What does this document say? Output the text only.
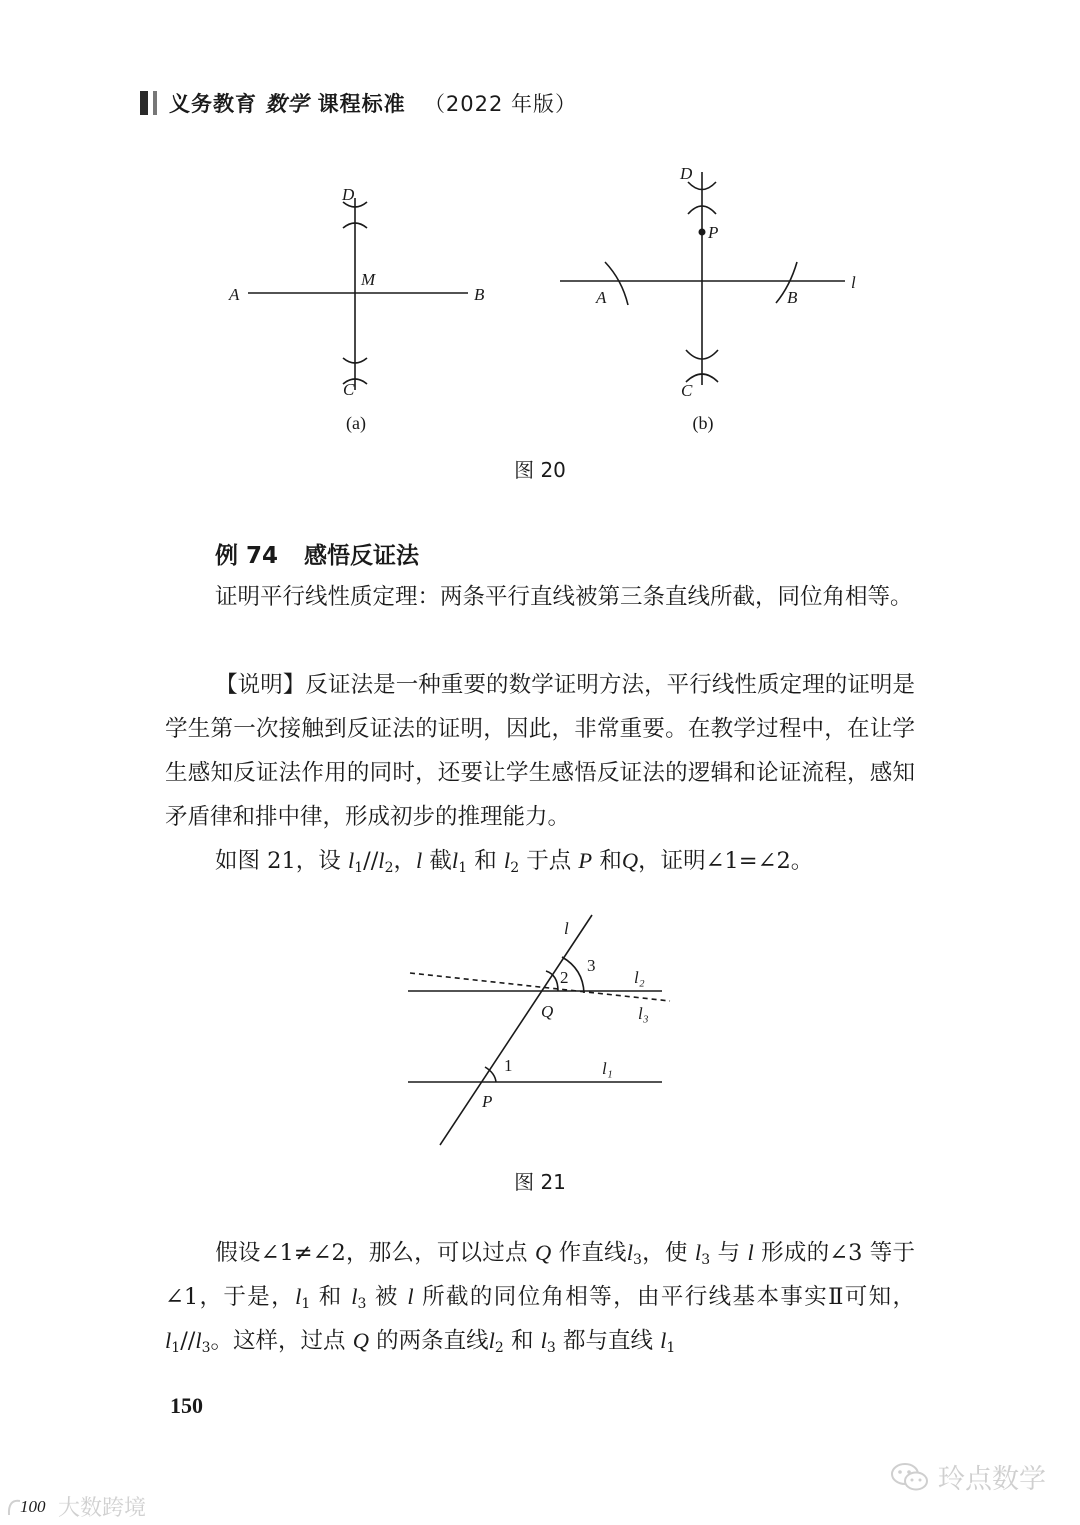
义务教育 数学 课程标准 （2022 年版）
D
M
A	B
C
D
P
l
A	B
C
(a)	(b)
图 20
例 74 感悟反证法
证明平行线性质定理：两条平行直线被第三条直线所截，同位角相等。
【说明】反证法是一种重要的数学证明方法，平行线性质定理的证明是学生第一次接触到反证法的证明，因此，非常重要。在教学过程中，在让学生感知反证法作用的同时，还要让学生感悟反证法的逻辑和论证流程，感知矛盾律和排中律，形成初步的推理能力。
如图 21，设 $l_1//l_2$，l 截$l_1$ 和 $l_2$ 于点 P 和Q，证明∠1=∠2。
l
2
3
l₂
Q	l₃
1	l₁
P
图 21
假设∠1≠∠2，那么，可以过点 Q 作直线$l_3$，使 $l_3$ 与 l 形成的∠3 等于∠1，于是，$l_1$ 和 $l_3$ 被 l 所截的同位角相等，由平行线基本事实Ⅱ可知，$l_1//l_3$。这样，过点 Q 的两条直线$l_2$ 和 $l_3$ 都与直线 $l_1$
150
玲点数学
100 大数跨境
